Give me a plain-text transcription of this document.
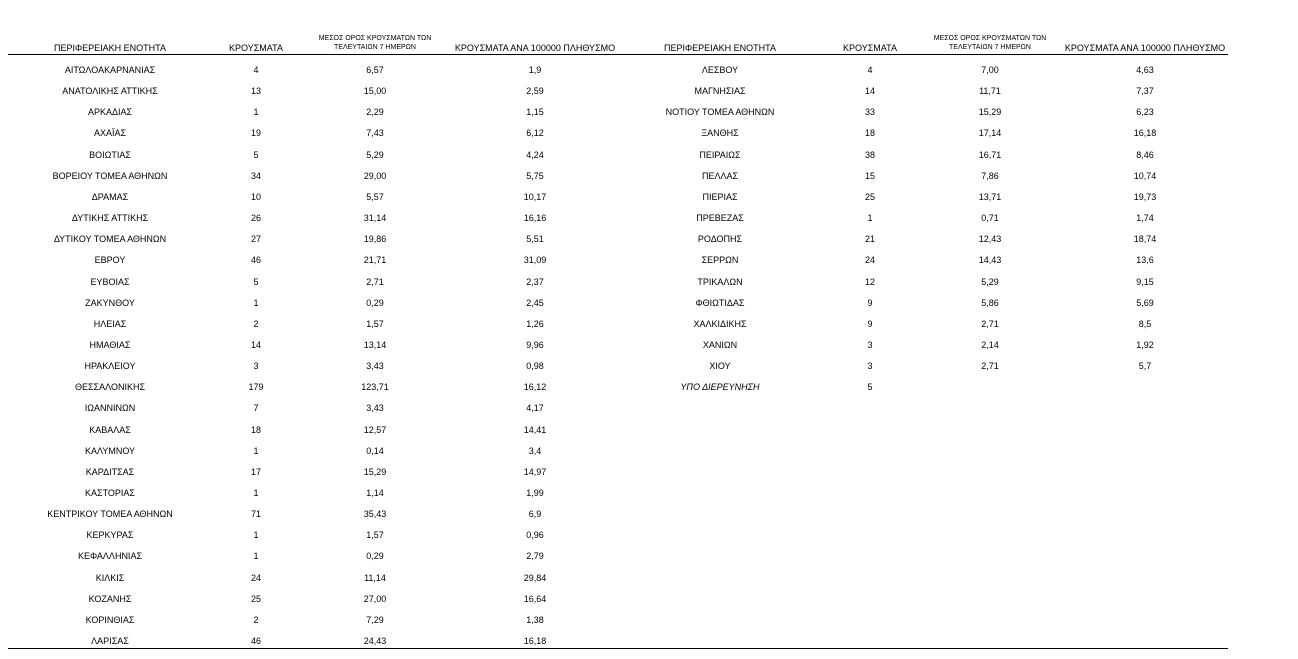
ΠΕΡΙΦΕΡΕΙΑΚΗ ΕΝΟΤΗΤΑ	ΚΡΟΥΣΜΑΤΑ
ΜΕΣΟΣ ΟΡΟΣ ΚΡΟΥΣΜΑΤΩΝ ΤΩΝ
ΤΕΛΕΥΤΑΙΩΝ 7 ΗΜΕΡΩΝ	ΚΡΟΥΣΜΑΤΑ ΑΝΑ 100000 ΠΛΗΘΥΣΜΟ	ΠΕΡΙΦΕΡΕΙΑΚΗ ΕΝΟΤΗΤΑ	ΚΡΟΥΣΜΑΤΑ
ΜΕΣΟΣ ΟΡΟΣ ΚΡΟΥΣΜΑΤΩΝ ΤΩΝ
ΤΕΛΕΥΤΑΙΩΝ 7 ΗΜΕΡΩΝ	ΚΡΟΥΣΜΑΤΑ ΑΝΑ 100000 ΠΛΗΘΥΣΜΟ
ΑΙΤΩΛΟΑΚΑΡΝΑΝΙΑΣ	4	6,57	1,9
ΑΝΑΤΟΛΙΚΗΣ ΑΤΤΙΚΗΣ	13	15,00	2,59
ΑΡΚΑΔΙΑΣ	1	2,29	1,15
ΑΧΑΪΑΣ	19	7,43	6,12
ΒΟΙΩΤΙΑΣ	5	5,29	4,24
ΒΟΡΕΙΟΥ ΤΟΜΕΑ ΑΘΗΝΩΝ	34	29,00	5,75
ΔΡΑΜΑΣ	10	5,57	10,17
ΔΥΤΙΚΗΣ ΑΤΤΙΚΗΣ	26	31,14	16,16
ΔΥΤΙΚΟΥ ΤΟΜΕΑ ΑΘΗΝΩΝ	27	19,86	5,51
ΕΒΡΟΥ	46	21,71	31,09
ΕΥΒΟΙΑΣ	5	2,71	2,37
ΖΑΚΥΝΘΟΥ	1	0,29	2,45
ΗΛΕΙΑΣ	2	1,57	1,26
ΗΜΑΘΙΑΣ	14	13,14	9,96
ΗΡΑΚΛΕΙΟΥ	3	3,43	0,98
ΘΕΣΣΑΛΟΝΙΚΗΣ	179	123,71	16,12
ΙΩΑΝΝΙΝΩΝ	7	3,43	4,17
ΚΑΒΑΛΑΣ	18	12,57	14,41
ΚΑΛΥΜΝΟΥ	1	0,14	3,4
ΚΑΡΔΙΤΣΑΣ	17	15,29	14,97
ΚΑΣΤΟΡΙΑΣ	1	1,14	1,99
ΚΕΝΤΡΙΚΟΥ ΤΟΜΕΑ ΑΘΗΝΩΝ	71	35,43	6,9
ΚΕΡΚΥΡΑΣ	1	1,57	0,96
ΚΕΦΑΛΛΗΝΙΑΣ	1	0,29	2,79
ΚΙΛΚΙΣ	24	11,14	29,84
ΚΟΖΑΝΗΣ	25	27,00	16,64
ΚΟΡΙΝΘΙΑΣ	2	7,29	1,38
ΛΑΡΙΣΑΣ	46	24,43	16,18
ΛΕΣΒΟΥ	4	7,00	4,63
ΜΑΓΝΗΣΙΑΣ	14	11,71	7,37
ΝΟΤΙΟΥ ΤΟΜΕΑ ΑΘΗΝΩΝ	33	15,29	6,23
ΞΑΝΘΗΣ	18	17,14	16,18
ΠΕΙΡΑΙΩΣ	38	16,71	8,46
ΠΕΛΛΑΣ	15	7,86	10,74
ΠΙΕΡΙΑΣ	25	13,71	19,73
ΠΡΕΒΕΖΑΣ	1	0,71	1,74
ΡΟΔΟΠΗΣ	21	12,43	18,74
ΣΕΡΡΩΝ	24	14,43	13,6
ΤΡΙΚΑΛΩΝ	12	5,29	9,15
ΦΘΙΩΤΙΔΑΣ	9	5,86	5,69
ΧΑΛΚΙΔΙΚΗΣ	9	2,71	8,5
ΧΑΝΙΩΝ	3	2,14	1,92
ΧΙΟΥ	3	2,71	5,7
ΥΠΟ ΔΙΕΡΕΥΝΗΣΗ	5
